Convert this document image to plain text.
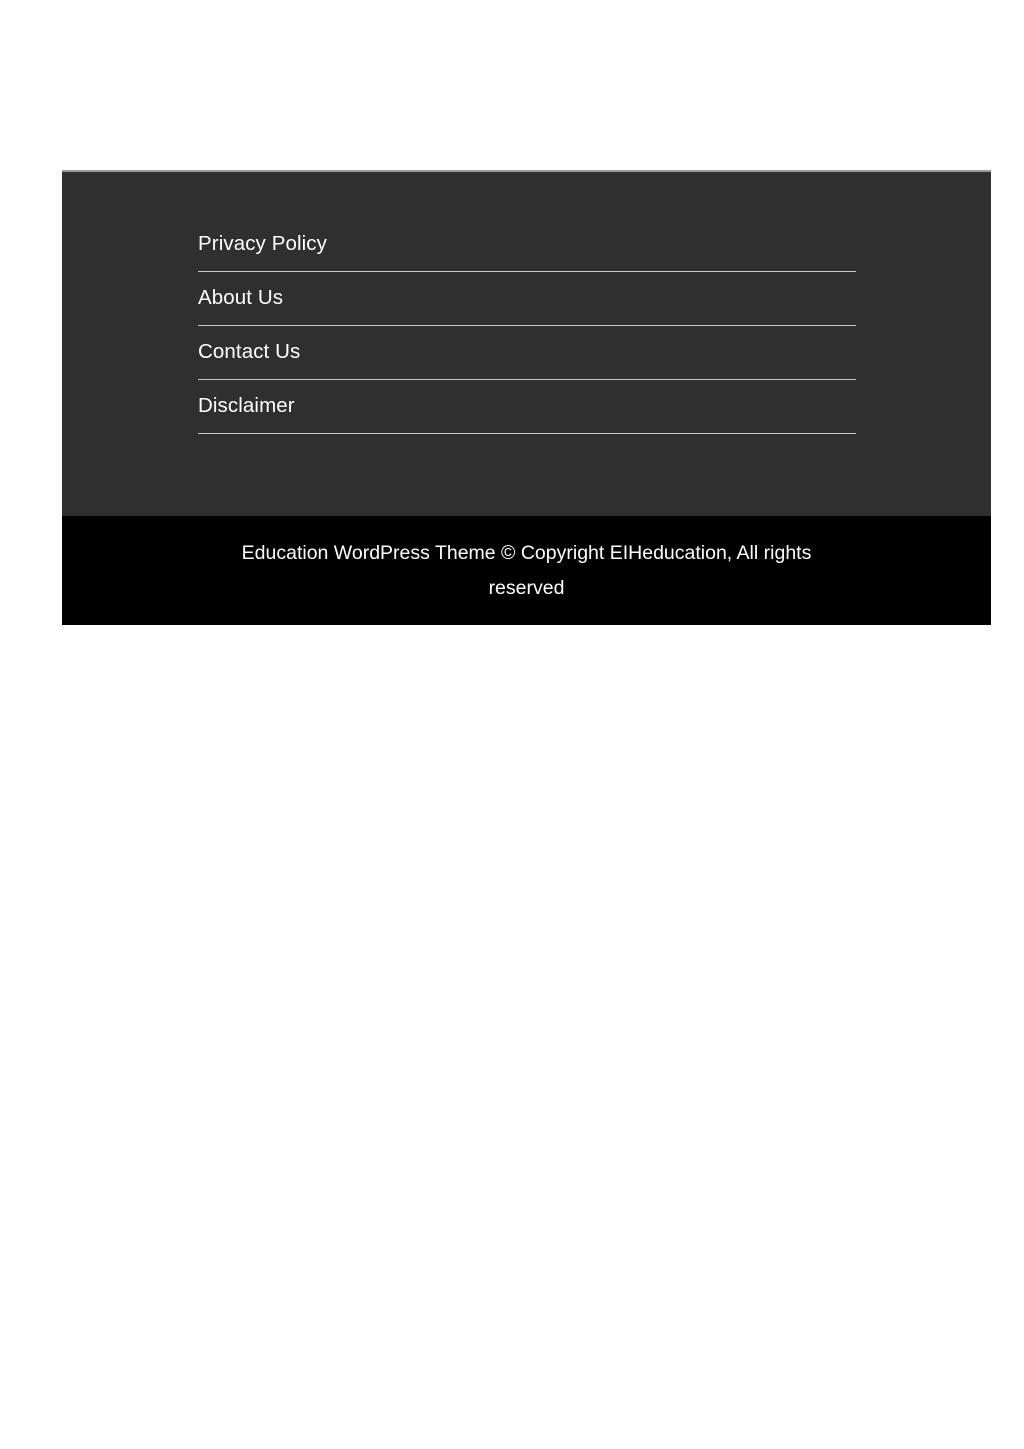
Privacy Policy
About Us
Contact Us
Disclaimer

Education WordPress Theme © Copyright EIHeducation, All rights reserved
